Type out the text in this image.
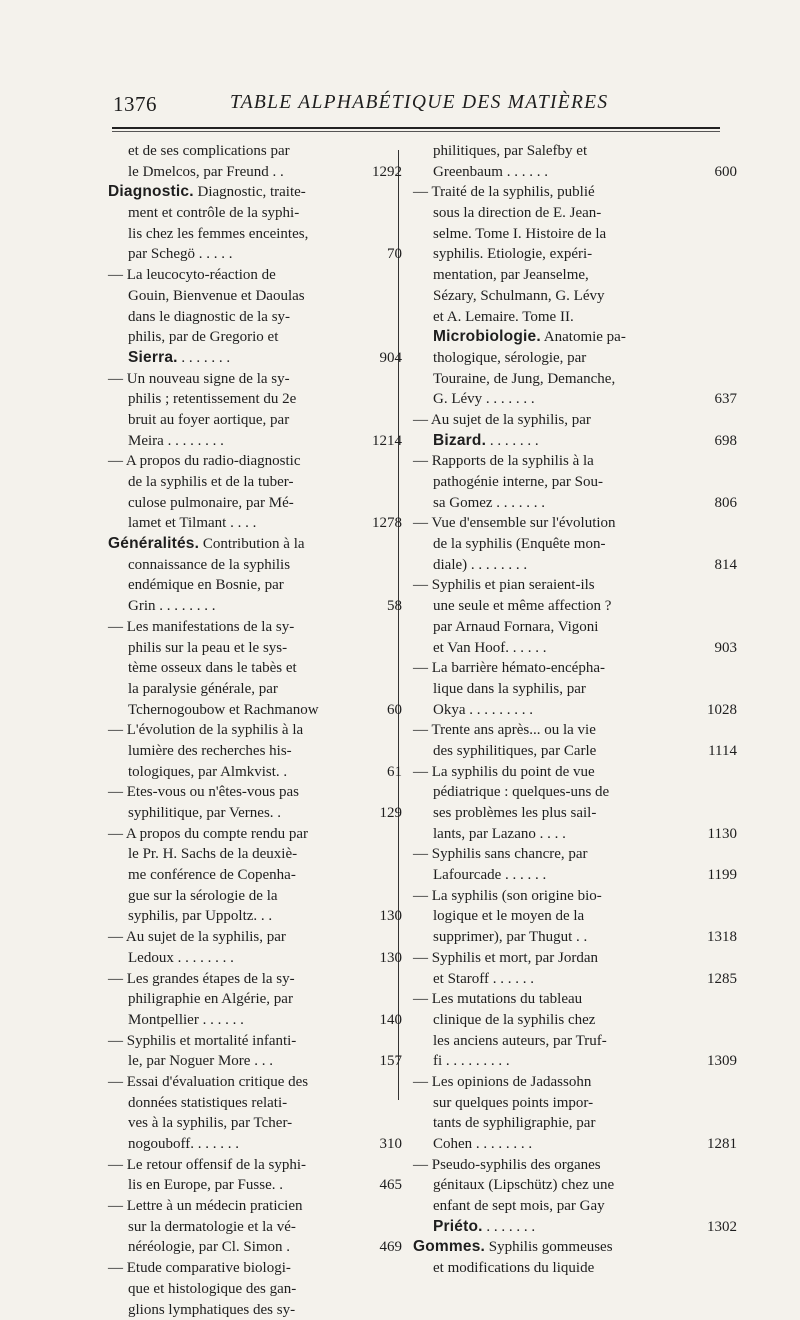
1376	TABLE ALPHABÉTIQUE DES MATIÈRES
et de ses complications par
le Dmelcos, par Freund . .	1292
Diagnostic. Diagnostic, traite-
ment et contrôle de la syphi-
lis chez les femmes enceintes,
par Schegö . . . . .	70
— La leucocyto-réaction de
Gouin, Bienvenue et Daoulas
dans le diagnostic de la sy-
philis, par de Gregorio et
Sierra. . . . . . . .	904
— Un nouveau signe de la sy-
philis ; retentissement du 2e
bruit au foyer aortique, par
Meira . . . . . . . .	1214
— A propos du radio-diagnostic
de la syphilis et de la tuber-
culose pulmonaire, par Mé-
lamet et Tilmant . . . .	1278
Généralités. Contribution à la
connaissance de la syphilis
endémique en Bosnie, par
Grin . . . . . . . .	58
— Les manifestations de la sy-
philis sur la peau et le sys-
tème osseux dans le tabès et
la paralysie générale, par
Tchernogoubow et Rachmanow	60
— L'évolution de la syphilis à la
lumière des recherches his-
tologiques, par Almkvist. .	61
— Etes-vous ou n'êtes-vous pas
syphilitique, par Vernes. .	129
— A propos du compte rendu par
le Pr. H. Sachs de la deuxiè-
me conférence de Copenha-
gue sur la sérologie de la
syphilis, par Uppoltz. . .	130
— Au sujet de la syphilis, par
Ledoux . . . . . . . .	130
— Les grandes étapes de la sy-
philigraphie en Algérie, par
Montpellier . . . . . .	140
— Syphilis et mortalité infanti-
le, par Noguer More . . .	157
— Essai d'évaluation critique des
données statistiques relati-
ves à la syphilis, par Tcher-
nogouboff. . . . . . .	310
— Le retour offensif de la syphi-
lis en Europe, par Fusse. .	465
— Lettre à un médecin praticien
sur la dermatologie et la vé-
néréologie, par Cl. Simon .	469
— Etude comparative biologi-
que et histologique des gan-
glions lymphatiques des sy-
philitiques, par Salefby et
Greenbaum . . . . . .	600
— Traité de la syphilis, publié
sous la direction de E. Jean-
selme. Tome I. Histoire de la
syphilis. Etiologie, expéri-
mentation, par Jeanselme,
Sézary, Schulmann, G. Lévy
et A. Lemaire. Tome II.
Microbiologie. Anatomie pa-
thologique, sérologie, par
Touraine, de Jung, Demanche,
G. Lévy . . . . . . .	637
— Au sujet de la syphilis, par
Bizard. . . . . . . .	698
— Rapports de la syphilis à la
pathogénie interne, par Sou-
sa Gomez . . . . . . .	806
— Vue d'ensemble sur l'évolution
de la syphilis (Enquête mon-
diale) . . . . . . . .	814
— Syphilis et pian seraient-ils
une seule et même affection ?
par Arnaud Fornara, Vigoni
et Van Hoof. . . . . .	903
— La barrière hémato-encépha-
lique dans la syphilis, par
Okya . . . . . . . . .	1028
— Trente ans après... ou la vie
des syphilitiques, par Carle	1114
— La syphilis du point de vue
pédiatrique : quelques-uns de
ses problèmes les plus sail-
lants, par Lazano . . . .	1130
— Syphilis sans chancre, par
Lafourcade . . . . . .	1199
— La syphilis (son origine bio-
logique et le moyen de la
supprimer), par Thugut . .	1318
— Syphilis et mort, par Jordan
et Staroff . . . . . .	1285
— Les mutations du tableau
clinique de la syphilis chez
les anciens auteurs, par Truf-
fi . . . . . . . . .	1309
— Les opinions de Jadassohn
sur quelques points impor-
tants de syphiligraphie, par
Cohen . . . . . . . .	1281
— Pseudo-syphilis des organes
génitaux (Lipschütz) chez une
enfant de sept mois, par Gay
Priéto. . . . . . . .	1302
Gommes. Syphilis gommeuses
et modifications du liquide
